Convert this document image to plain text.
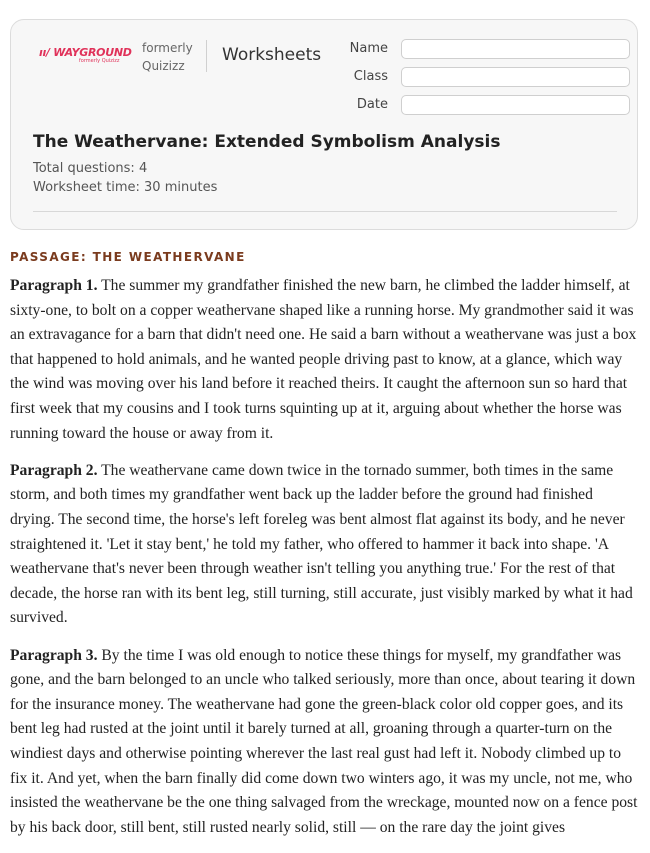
ıı/ WAYGROUND
formerly Quizizz
formerly
Quizizz
Worksheets Name
Class
Date
The Weathervane: Extended Symbolism Analysis
Total questions: 4
Worksheet time: 30 minutes
PASSAGE: THE WEATHERVANE

Paragraph 1. The summer my grandfather finished the new barn, he climbed the ladder himself, at sixty-one, to bolt on a copper weathervane shaped like a running horse. My grandmother said it was an extravagance for a barn that didn't need one. He said a barn without a weathervane was just a box that happened to hold animals, and he wanted people driving past to know, at a glance, which way the wind was moving over his land before it reached theirs. It caught the afternoon sun so hard that first week that my cousins and I took turns squinting up at it, arguing about whether the horse was running toward the house or away from it.

Paragraph 2. The weathervane came down twice in the tornado summer, both times in the same storm, and both times my grandfather went back up the ladder before the ground had finished drying. The second time, the horse's left foreleg was bent almost flat against its body, and he never straightened it. 'Let it stay bent,' he told my father, who offered to hammer it back into shape. 'A weathervane that's never been through weather isn't telling you anything true.' For the rest of that decade, the horse ran with its bent leg, still turning, still accurate, just visibly marked by what it had survived.

Paragraph 3. By the time I was old enough to notice these things for myself, my grandfather was gone, and the barn belonged to an uncle who talked seriously, more than once, about tearing it down for the insurance money. The weathervane had gone the green-black color old copper goes, and its bent leg had rusted at the joint until it barely turned at all, groaning through a quarter-turn on the windiest days and otherwise pointing wherever the last real gust had left it. Nobody climbed up to fix it. And yet, when the barn finally did come down two winters ago, it was my uncle, not me, who insisted the weathervane be the one thing salvaged from the wreckage, mounted now on a fence post by his back door, still bent, still rusted nearly solid, still — on the rare day the joint gives
